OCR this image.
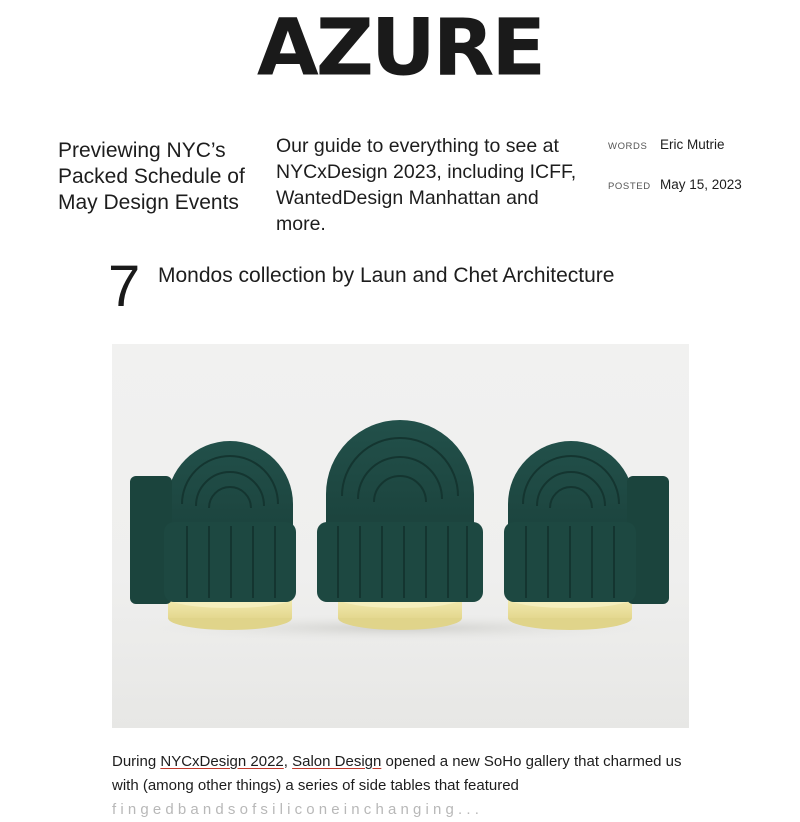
AZURE
Previewing NYC’s Packed Schedule of May Design Events
Our guide to everything to see at NYCxDesign 2023, including ICFF, WantedDesign Manhattan and more.
WORDS Eric Mutrie
POSTED May 15, 2023
7 Mondos collection by Laun and Chet Architecture
During NYCxDesign 2022, Salon Design opened a new SoHo gallery that charmed us with (among other things) a series of side tables that featured
f i n g e d b a n d s o f s i l i c o n e i n c h a n g i n g . . .
